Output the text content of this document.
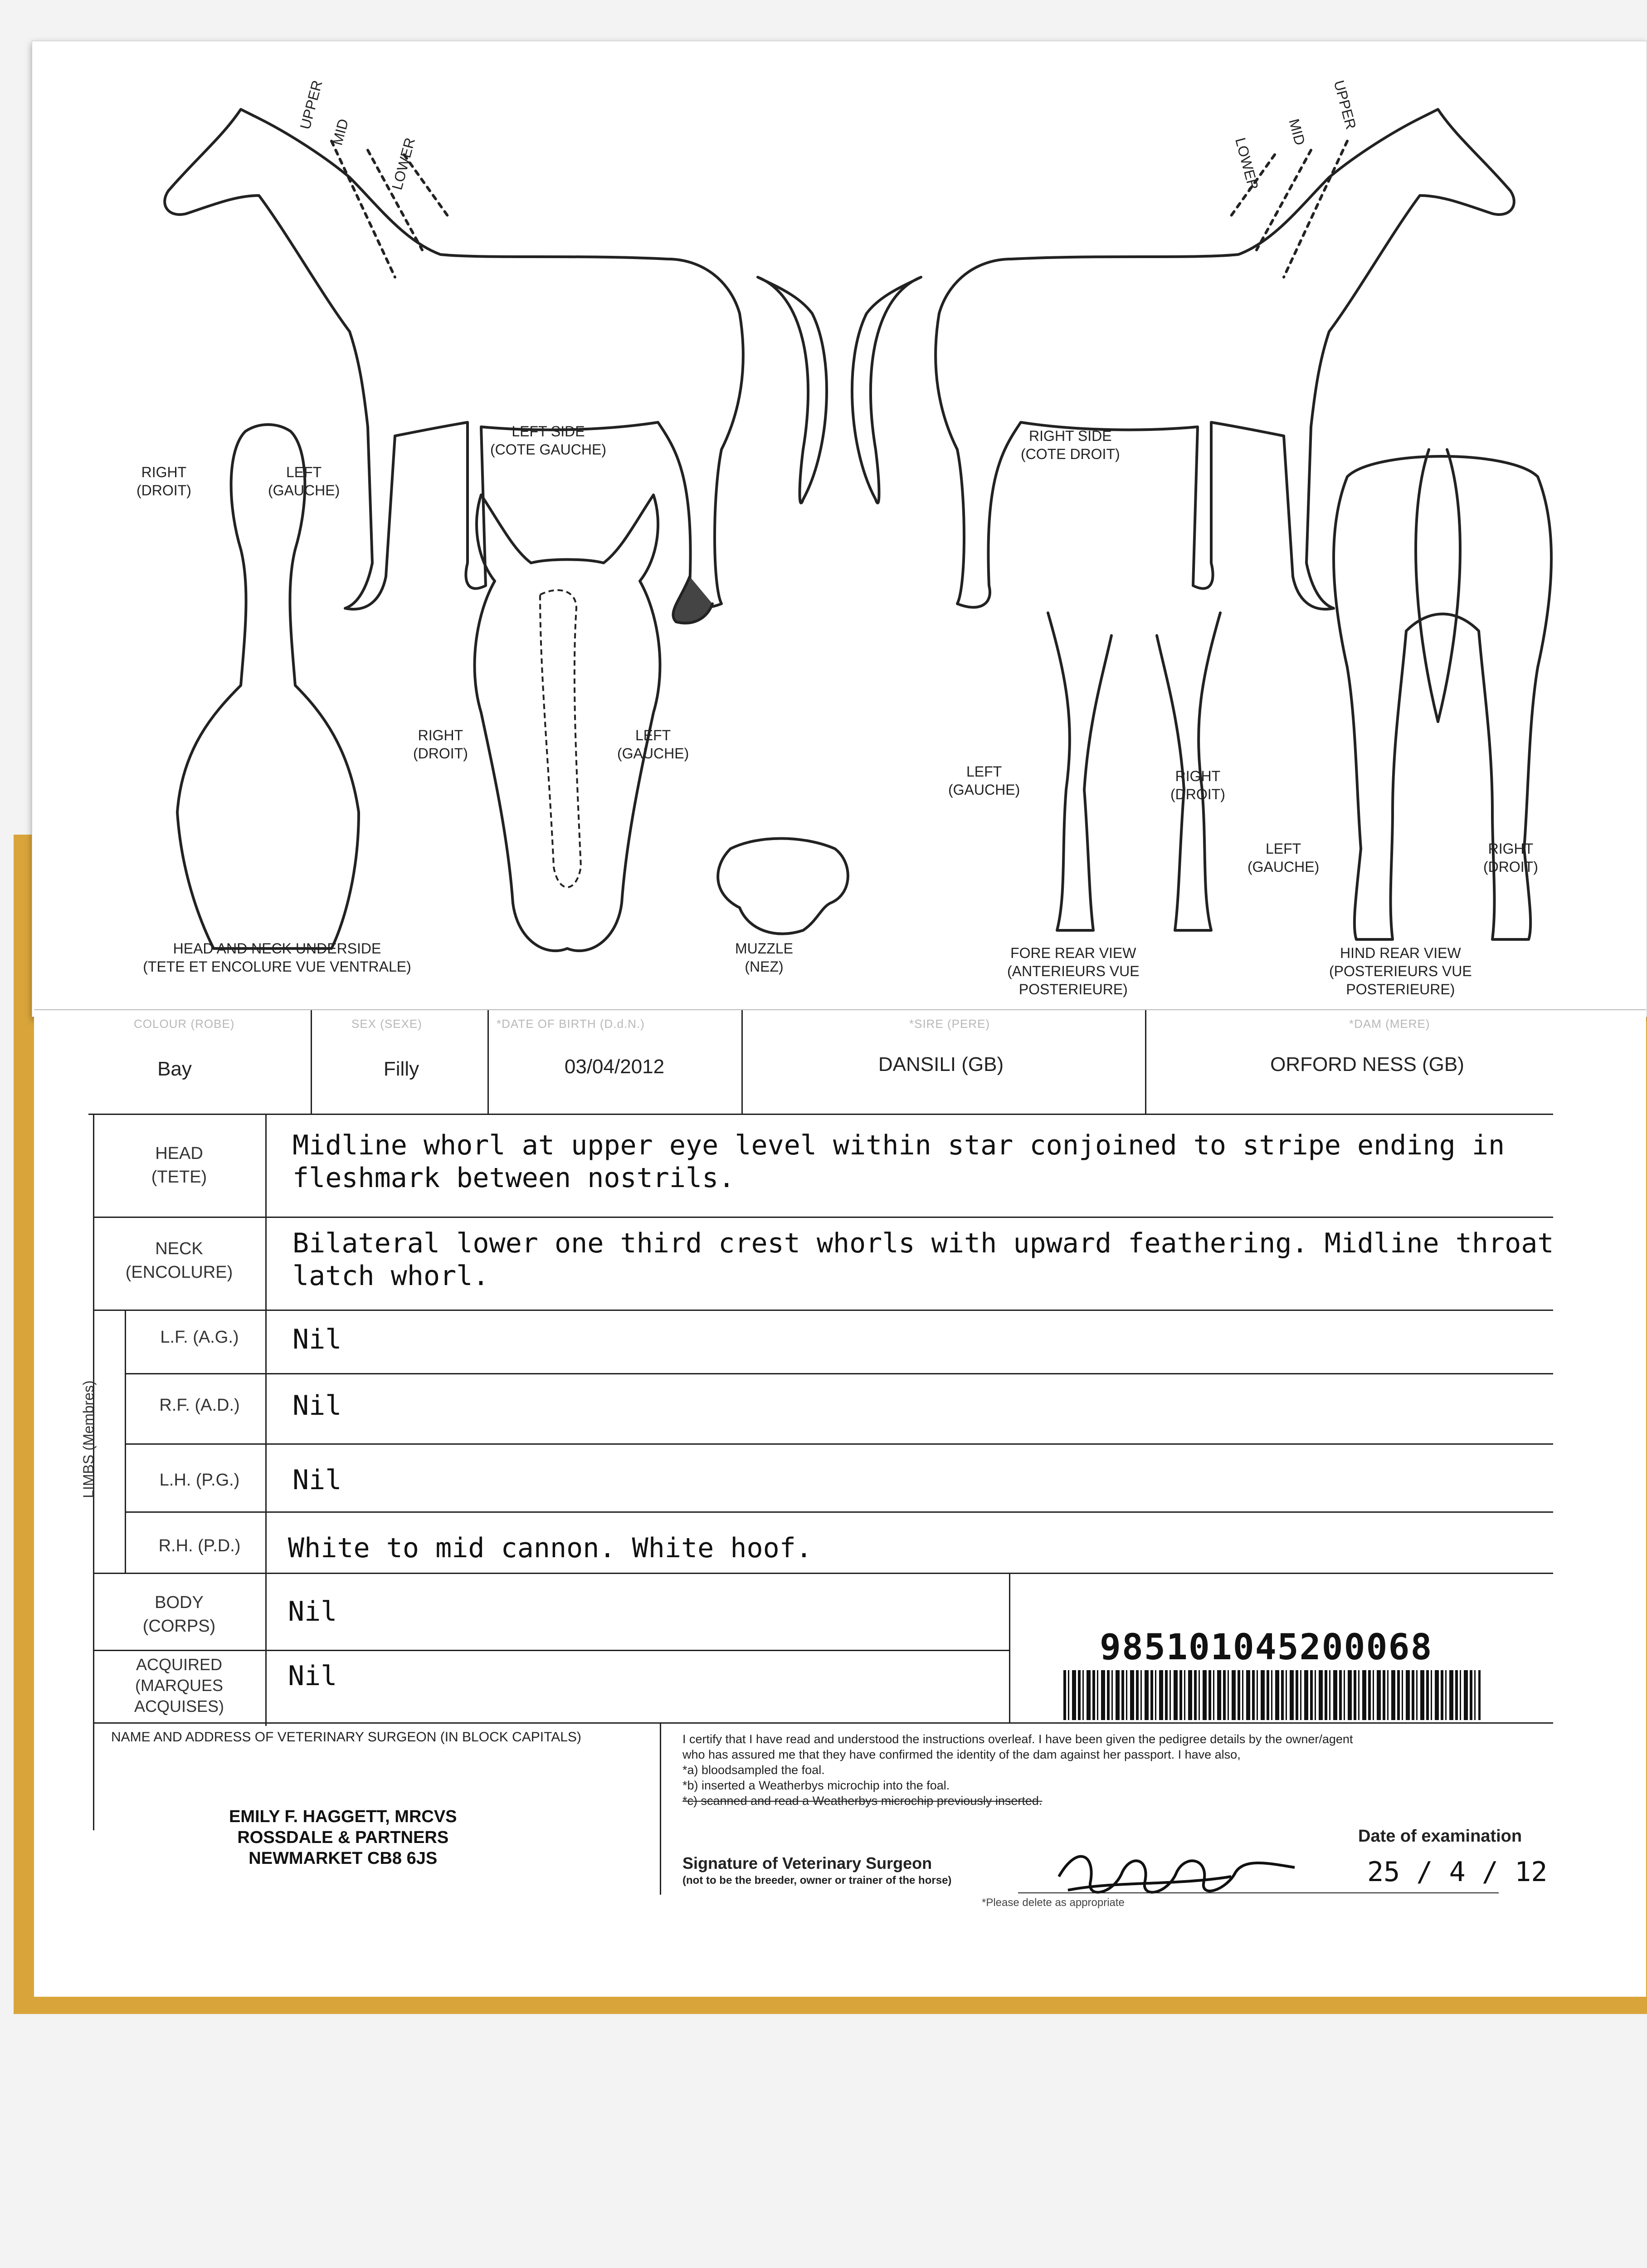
LEFT SIDE
(COTE GAUCHE)
RIGHT SIDE
(COTE DROIT)
RIGHT
(DROIT)
LEFT
(GAUCHE)
RIGHT
(DROIT)
LEFT
(GAUCHE)
LEFT
(GAUCHE)
RIGHT
(DROIT)
LEFT
(GAUCHE)
RIGHT
(DROIT)
HEAD AND NECK UNDERSIDE
(TETE ET ENCOLURE VUE VENTRALE)
MUZZLE
(NEZ)
FORE REAR VIEW
(ANTERIEURS VUE
POSTERIEURE)
HIND REAR VIEW
(POSTERIEURS VUE
POSTERIEURE)
UPPER
MID
LOWER
UPPER
MID
LOWER
COLOUR (ROBE)	SEX (SEXE)	*DATE OF BIRTH (D.d.N.)	*SIRE (PERE)	*DAM (MERE)
Bay	Filly	03/04/2012	DANSILI (GB)	ORFORD NESS (GB)
HEAD
(TETE)
Midline whorl at upper eye level within star conjoined to stripe ending in
fleshmark between nostrils.
NECK
(ENCOLURE)
Bilateral lower one third crest whorls with upward feathering. Midline throat
latch whorl.
LIMBS (Membres)
L.F. (A.G.)	Nil
R.F. (A.D.)	Nil
L.H. (P.G.)	Nil
R.H. (P.D.)	White to mid cannon. White hoof.
BODY
(CORPS)	Nil
ACQUIRED
(MARQUES
ACQUISES)
Nil
985101045200068
NAME AND ADDRESS OF VETERINARY SURGEON (IN BLOCK CAPITALS)
EMILY F. HAGGETT, MRCVS
ROSSDALE & PARTNERS
NEWMARKET CB8 6JS
I certify that I have read and understood the instructions overleaf. I have been given the pedigree details by the owner/agent
who has assured me that they have confirmed the identity of the dam against her passport. I have also,
*a) bloodsampled the foal.
*b) inserted a Weatherbys microchip into the foal.
*c) scanned and read a Weatherbys microchip previously inserted.
Signature of Veterinary Surgeon
(not to be the breeder, owner or trainer of the horse)
Date of examination
25 / 4 / 12
*Please delete as appropriate
